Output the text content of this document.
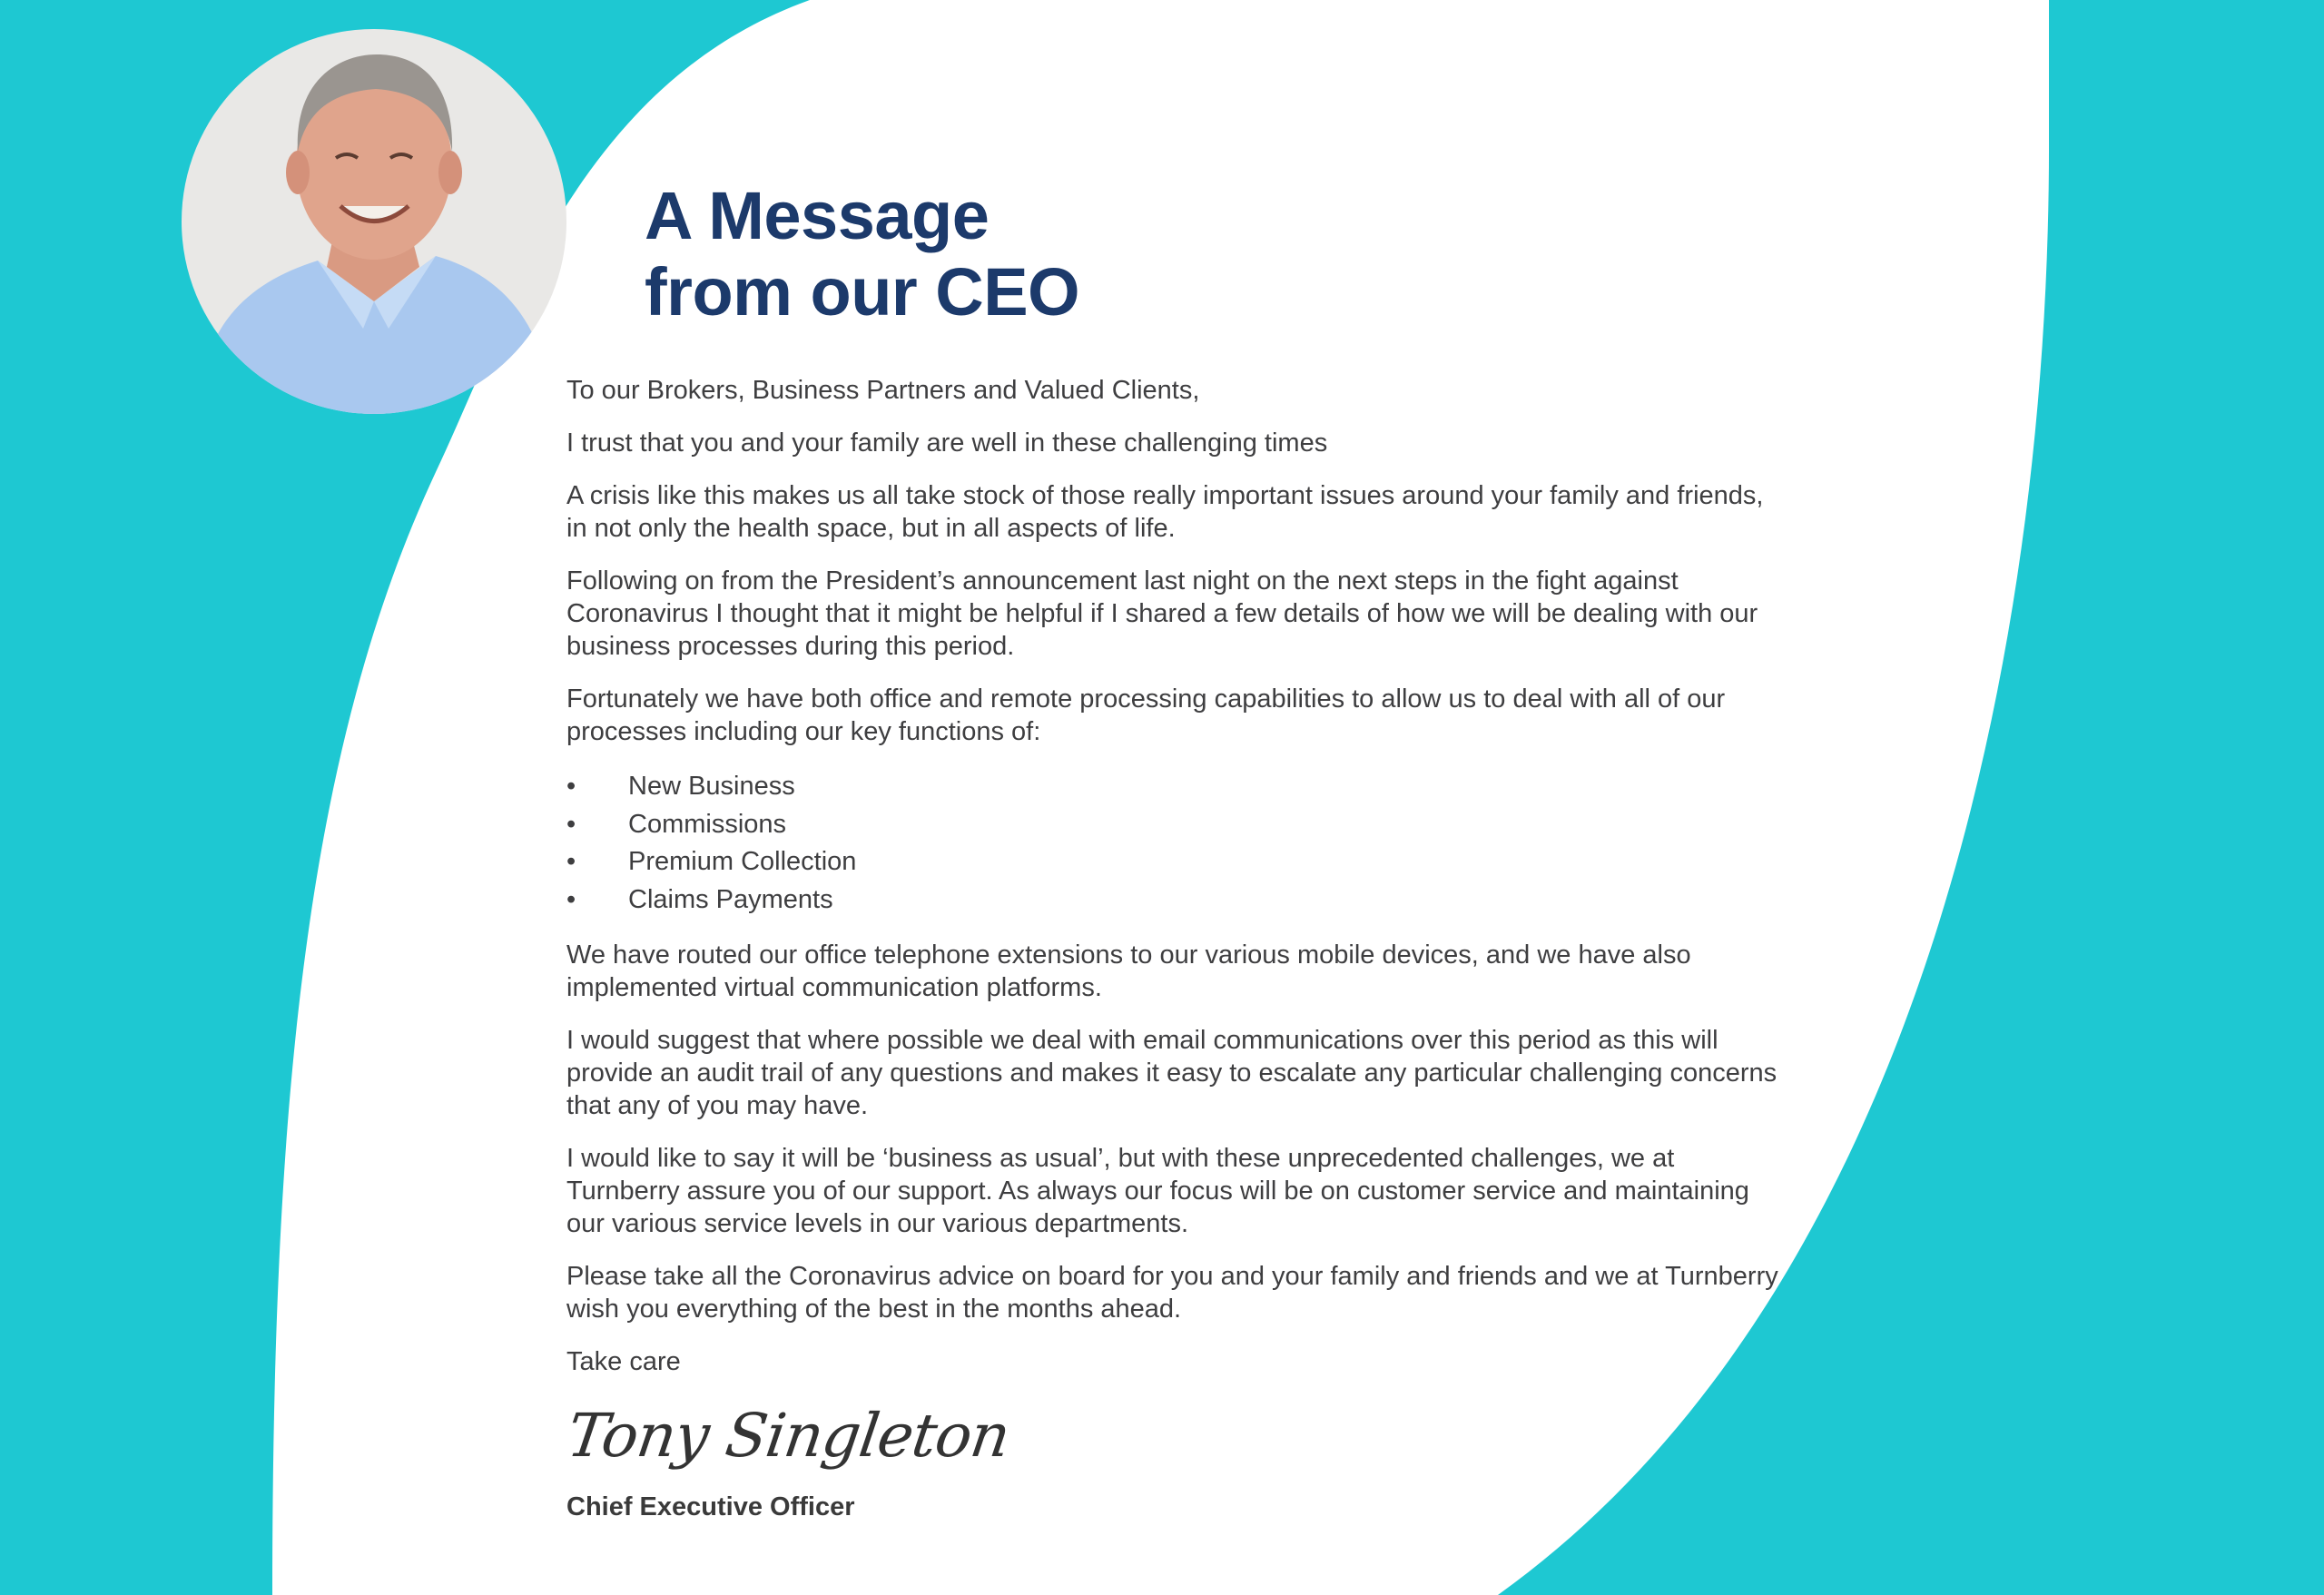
A Message
from our CEO

To our Brokers, Business Partners and Valued Clients,

I trust that you and your family are well in these challenging times

A crisis like this makes us all take stock of those really important issues around your family and friends, in not only the health space, but in all aspects of life.

Following on from the President’s announcement last night on the next steps in the fight against Coronavirus I thought that it might be helpful if I shared a few details of how we will be dealing with our business processes during this period.

Fortunately we have both office and remote processing capabilities to allow us to deal with all of our processes including our key functions of:

• New Business
• Commissions
• Premium Collection
• Claims Payments

We have routed our office telephone extensions to our various mobile devices, and we have also implemented virtual communication platforms.

I would suggest that where possible we deal with email communications over this period as this will provide an audit trail of any questions and makes it easy to escalate any particular challenging concerns that any of you may have.

I would like to say it will be ‘business as usual’, but with these unprecedented challenges, we at Turnberry assure you of our support. As always our focus will be on customer service and maintaining our various service levels in our various departments.

Please take all the Coronavirus advice on board for you and your family and friends and we at Turnberry wish you everything of the best in the months ahead.

Take care

Tony Singleton

Chief Executive Officer
